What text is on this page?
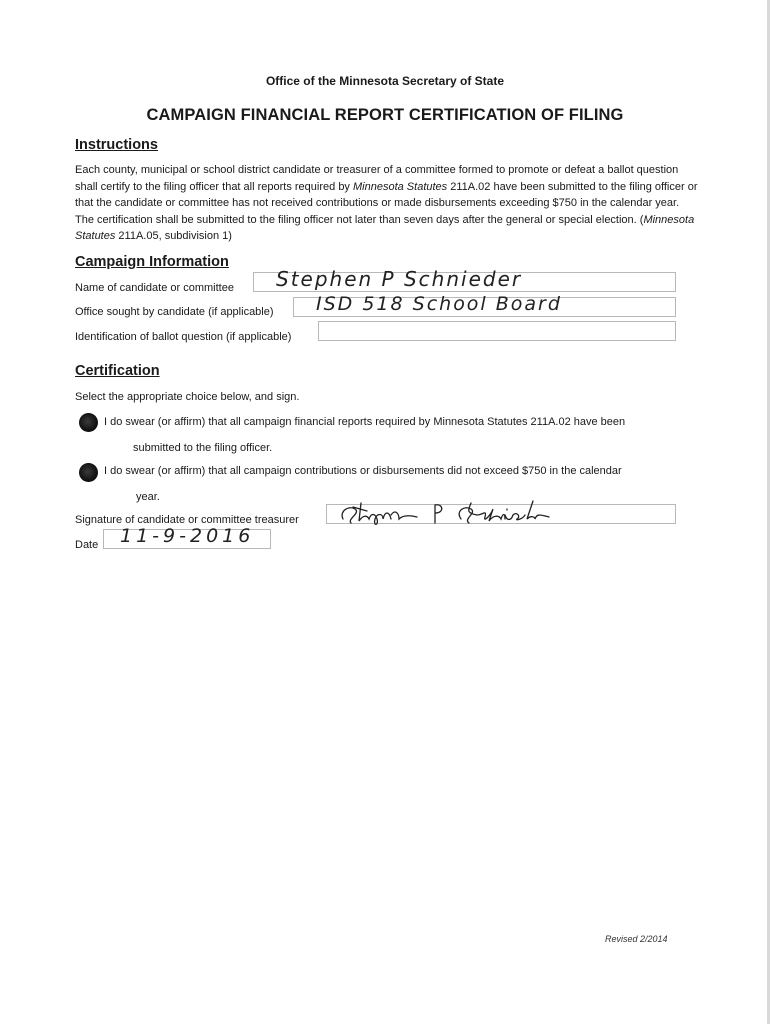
Office of the Minnesota Secretary of State
CAMPAIGN FINANCIAL REPORT CERTIFICATION OF FILING
Instructions
Each county, municipal or school district candidate or treasurer of a committee formed to promote or defeat a ballot question shall certify to the filing officer that all reports required by Minnesota Statutes 211A.02 have been submitted to the filing officer or that the candidate or committee has not received contributions or made disbursements exceeding $750 in the calendar year. The certification shall be submitted to the filing officer not later than seven days after the general or special election. (Minnesota Statutes 211A.05, subdivision 1)
Campaign Information
Name of candidate or committee Stephen P Schnieder
Office sought by candidate (if applicable) ISD 518 School Board
Identification of ballot question (if applicable)
Certification
Select the appropriate choice below, and sign.
I do swear (or affirm) that all campaign financial reports required by Minnesota Statutes 211A.02 have been
submitted to the filing officer.
I do swear (or affirm) that all campaign contributions or disbursements did not exceed $750 in the calendar
year.
Signature of candidate or committee treasurer
Date 11-9-2016
Revised 2/2014
